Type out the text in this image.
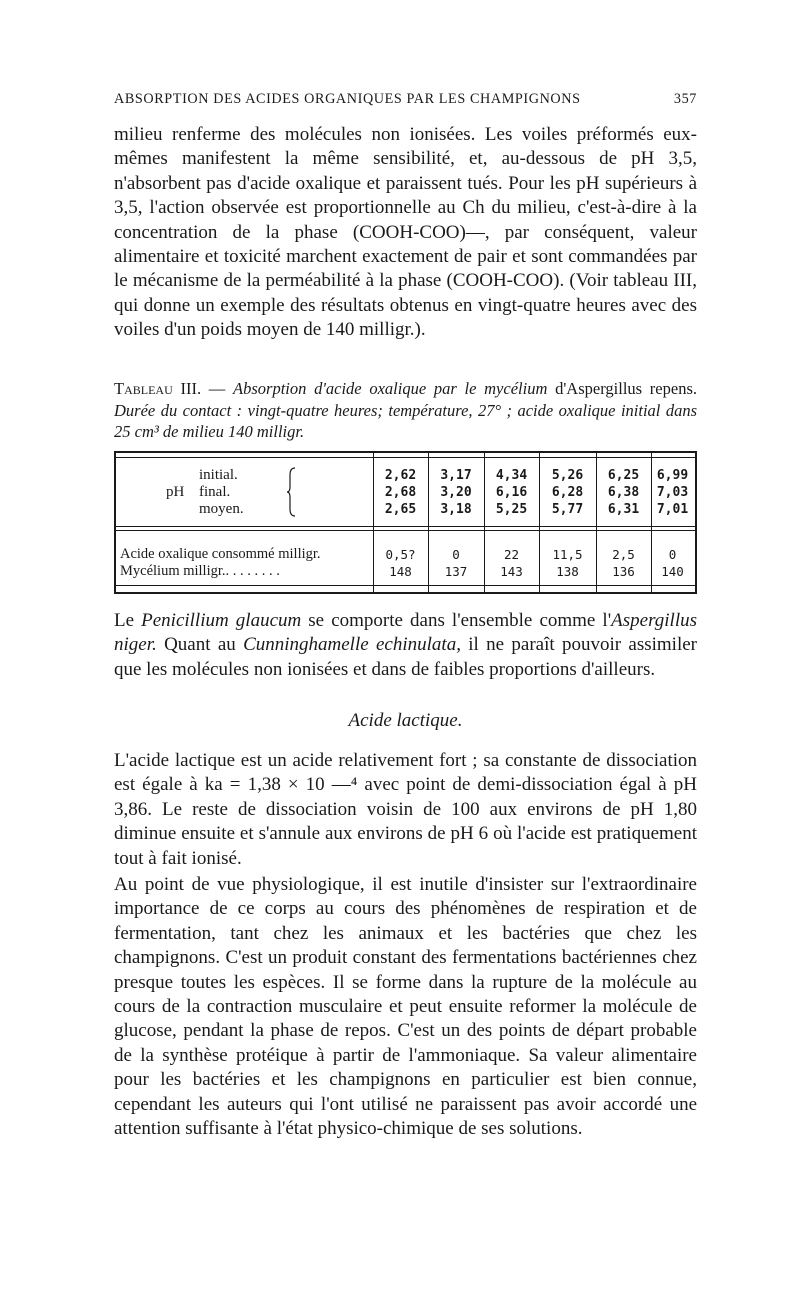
ABSORPTION DES ACIDES ORGANIQUES PAR LES CHAMPIGNONS	357

milieu renferme des molécules non ionisées. Les voiles préformés eux-mêmes manifestent la même sensibilité, et, au-dessous de pH 3,5, n'absorbent pas d'acide oxalique et paraissent tués. Pour les pH supérieurs à 3,5, l'action observée est proportionnelle au Ch du milieu, c'est-à-dire à la concentration de la phase (COOH-COO)—, par conséquent, valeur alimentaire et toxicité marchent exactement de pair et sont commandées par le mécanisme de la perméabilité à la phase (COOH-COO). (Voir tableau III, qui donne un exemple des résultats obtenus en vingt-quatre heures avec des voiles d'un poids moyen de 140 milligr.).

Tableau III. — Absorption d'acide oxalique par le mycélium d'Aspergillus repens. Durée du contact : vingt-quatre heures; température, 27° ; acide oxalique initial dans 25 cm³ de milieu 140 milligr.
pH
initial.
final.
moyen.
2,62
2,68
2,65
3,17
3,20
3,18
4,34
6,16
5,25
5,26
6,28
5,77
6,25
6,38
6,31
6,99
7,03
7,01
Acide oxalique consommé milligr.
Mycélium milligr.. . . . . . . .
0,5?
148
0
137
22
143
11,5
138
2,5
136
0
140

Le Penicillium glaucum se comporte dans l'ensemble comme l'Aspergillus niger. Quant au Cunninghamelle echinulata, il ne paraît pouvoir assimiler que les molécules non ionisées et dans de faibles proportions d'ailleurs.

Acide lactique.

L'acide lactique est un acide relativement fort ; sa constante de dissociation est égale à ka = 1,38 × 10 —⁴ avec point de demi-dissociation égal à pH 3,86. Le reste de dissociation voisin de 100 aux environs de pH 1,80 diminue ensuite et s'annule aux environs de pH 6 où l'acide est pratiquement tout à fait ionisé.

Au point de vue physiologique, il est inutile d'insister sur l'extraordinaire importance de ce corps au cours des phénomènes de respiration et de fermentation, tant chez les animaux et les bactéries que chez les champignons. C'est un produit constant des fermentations bactériennes chez presque toutes les espèces. Il se forme dans la rupture de la molécule au cours de la contraction musculaire et peut ensuite reformer la molécule de glucose, pendant la phase de repos. C'est un des points de départ probable de la synthèse protéique à partir de l'ammoniaque. Sa valeur alimentaire pour les bactéries et les champignons en particulier est bien connue, cependant les auteurs qui l'ont utilisé ne paraissent pas avoir accordé une attention suffisante à l'état physico-chimique de ses solutions.
